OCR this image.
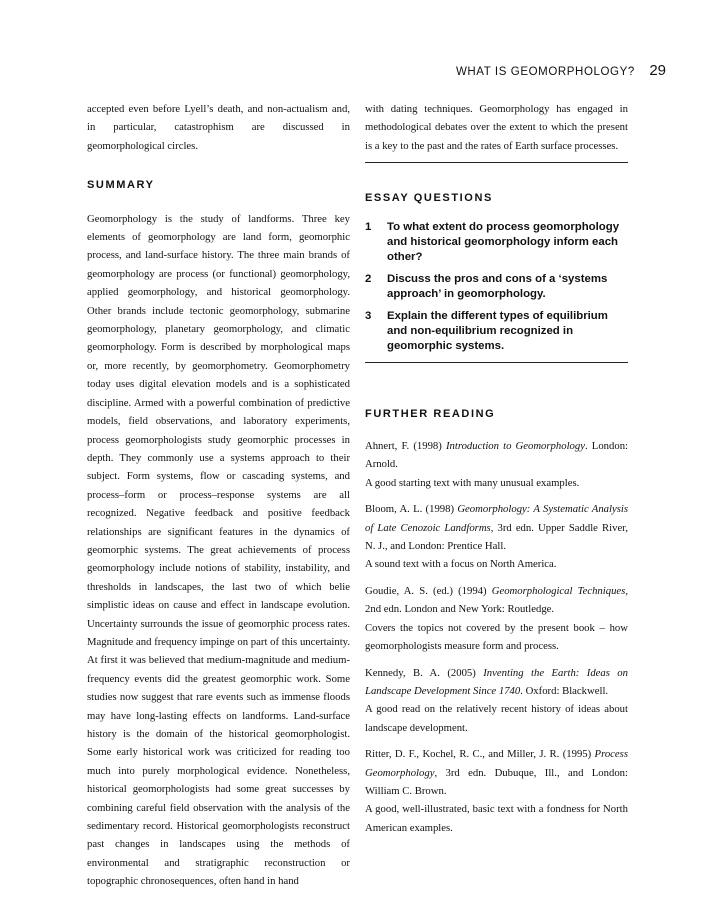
WHAT IS GEOMORPHOLOGY? 29

accepted even before Lyell’s death, and non-actualism and, in particular, catastrophism are discussed in geomorphological circles.

SUMMARY

Geomorphology is the study of landforms. Three key elements of geomorphology are land form, geomorphic process, and land-surface history. The three main brands of geomorphology are process (or functional) geomorphology, applied geomorphology, and historical geomorphology. Other brands include tectonic geomorphology, submarine geomorphology, planetary geomorphology, and climatic geomorphology. Form is described by morphological maps or, more recently, by geomorphometry. Geomorphometry today uses digital elevation models and is a sophisticated discipline. Armed with a powerful combination of predictive models, field observations, and laboratory experiments, process geomorphologists study geomorphic processes in depth. They commonly use a systems approach to their subject. Form systems, flow or cascading systems, and process–form or process–response systems are all recognized. Negative feedback and positive feedback relationships are significant features in the dynamics of geomorphic systems. The great achievements of process geomorphology include notions of stability, instability, and thresholds in landscapes, the last two of which belie simplistic ideas on cause and effect in landscape evolution. Uncertainty surrounds the issue of geomorphic process rates. Magnitude and frequency impinge on part of this uncertainty. At first it was believed that medium-magnitude and medium-frequency events did the greatest geomorphic work. Some studies now suggest that rare events such as immense floods may have long-lasting effects on landforms. Land-surface history is the domain of the historical geomorphologist. Some early historical work was criticized for reading too much into purely morphological evidence. Nonetheless, historical geomorphologists had some great successes by combining careful field observation with the analysis of the sedimentary record. Historical geomorphologists reconstruct past changes in landscapes using the methods of environmental and stratigraphic reconstruction or topographic chronosequences, often hand in hand

with dating techniques. Geomorphology has engaged in methodological debates over the extent to which the present is a key to the past and the rates of Earth surface processes.

ESSAY QUESTIONS
1	To what extent do process geomorphology and historical geomorphology inform each other?
2	Discuss the pros and cons of a ‘systems approach’ in geomorphology.
3	Explain the different types of equilibrium and non-equilibrium recognized in geomorphic systems.
FURTHER READING

Ahnert, F. (1998) Introduction to Geomorphology. London: Arnold.

A good starting text with many unusual examples.

Bloom, A. L. (1998) Geomorphology: A Systematic Analysis of Late Cenozoic Landforms, 3rd edn. Upper Saddle River, N. J., and London: Prentice Hall.

A sound text with a focus on North America.

Goudie, A. S. (ed.) (1994) Geomorphological Techniques, 2nd edn. London and New York: Routledge.

Covers the topics not covered by the present book – how geomorphologists measure form and process.

Kennedy, B. A. (2005) Inventing the Earth: Ideas on Landscape Development Since 1740. Oxford: Blackwell.

A good read on the relatively recent history of ideas about landscape development.

Ritter, D. F., Kochel, R. C., and Miller, J. R. (1995) Process Geomorphology, 3rd edn. Dubuque, Ill., and London: William C. Brown.

A good, well-illustrated, basic text with a fondness for North American examples.
